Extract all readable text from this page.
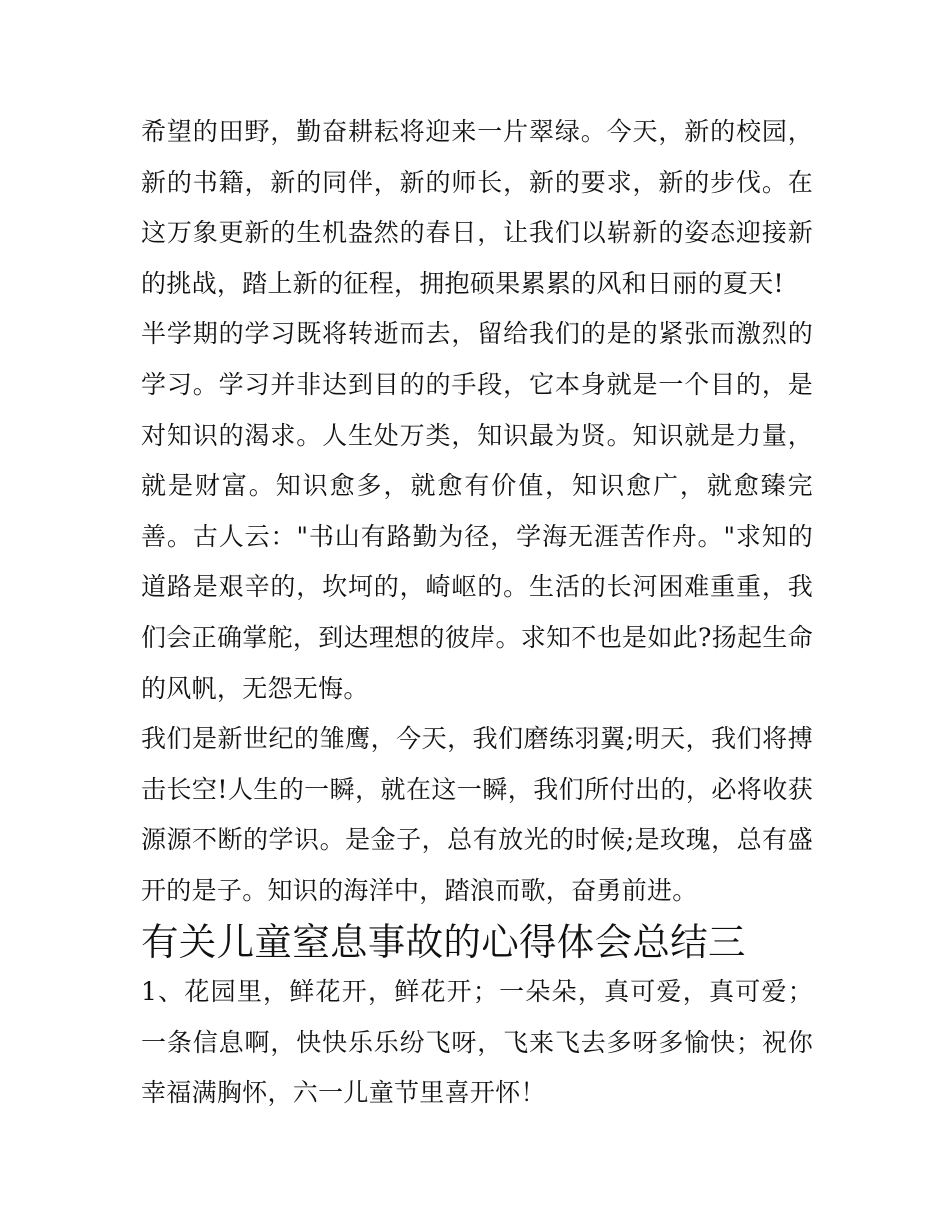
希望的田野，勤奋耕耘将迎来一片翠绿。今天，新的校园，新的书籍，新的同伴，新的师长，新的要求，新的步伐。在这万象更新的生机盎然的春日，让我们以崭新的姿态迎接新的挑战，踏上新的征程，拥抱硕果累累的风和日丽的夏天!

半学期的学习既将转逝而去，留给我们的是的紧张而激烈的学习。学习并非达到目的的手段，它本身就是一个目的，是对知识的渴求。人生处万类，知识最为贤。知识就是力量，就是财富。知识愈多，就愈有价值，知识愈广，就愈臻完善。古人云："书山有路勤为径，学海无涯苦作舟。"求知的道路是艰辛的，坎坷的，崎岖的。生活的长河困难重重，我们会正确掌舵，到达理想的彼岸。求知不也是如此?扬起生命的风帆，无怨无悔。

我们是新世纪的雏鹰，今天，我们磨练羽翼;明天，我们将搏击长空!人生的一瞬，就在这一瞬，我们所付出的，必将收获源源不断的学识。是金子，总有放光的时候;是玫瑰，总有盛开的是子。知识的海洋中，踏浪而歌，奋勇前进。

有关儿童窒息事故的心得体会总结三

1、花园里，鲜花开，鲜花开；一朵朵，真可爱，真可爱；一条信息啊，快快乐乐纷飞呀，飞来飞去多呀多愉快；祝你幸福满胸怀，六一儿童节里喜开怀！
